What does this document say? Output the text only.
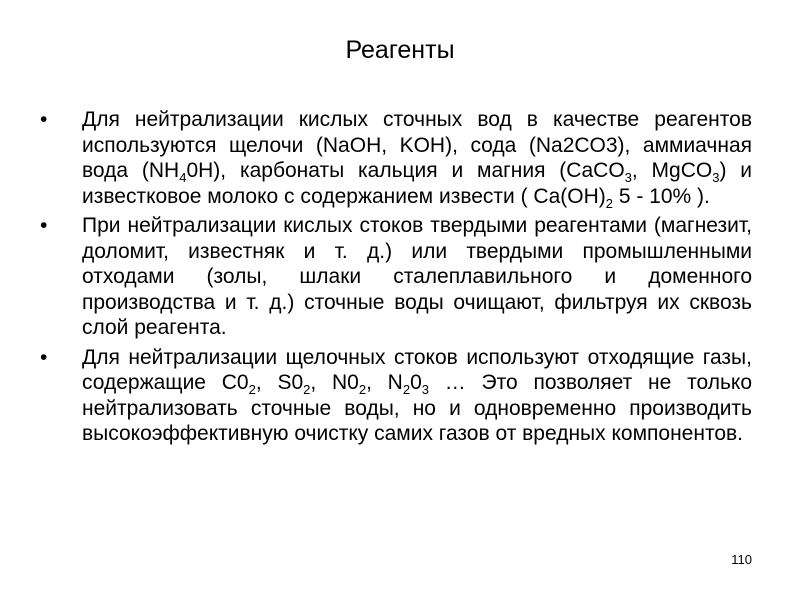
Реагенты
• Для нейтрализации кислых сточных вод в качестве реагентов используются щелочи (NaOH, KOH), сода (Na2CO3), аммиачная вода $(NH_40H)$, карбонаты кальция и магния (CaCO$_3$, MgCO$_3$) и известковое молоко с содержанием извести ( $Ca(OH)_2$ 5 - 10% ).
• При нейтрализации кислых стоков твердыми реагентами (магнезит, доломит, известняк и т. д.) или твердыми промышленными отходами (золы, шлаки сталеплавильного и доменного производства и т. д.) сточные воды очищают, фильтруя их сквозь слой реагента.
• Для нейтрализации щелочных стоков используют отходящие газы, содержащие $C0_2$, $S0_2$, $N0_2$, $N_20_3$ … Это позволяет не только нейтрализовать сточные воды, но и одновременно производить высокоэффективную очистку самих газов от вредных компонентов.
110
